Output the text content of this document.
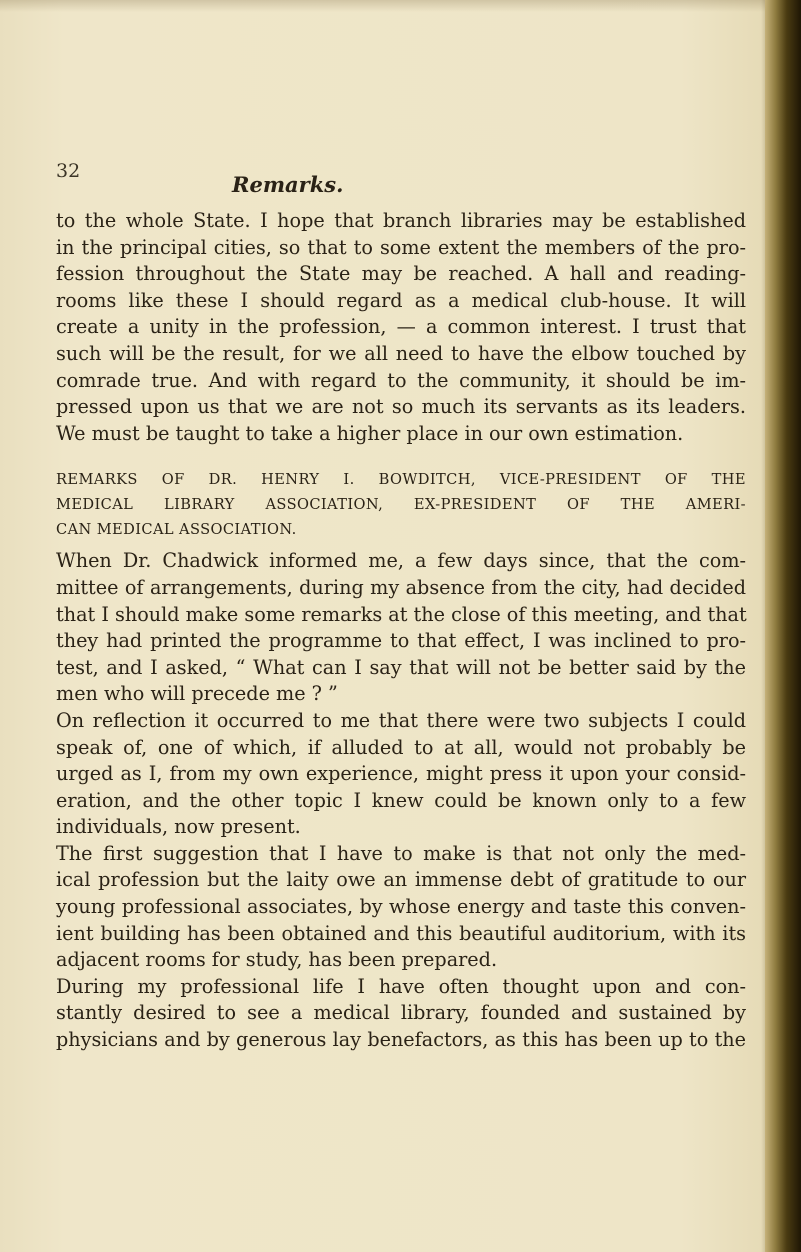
32
Remarks.
to the whole State. I hope that branch libraries may be established
in the principal cities, so that to some extent the members of the pro-
fession throughout the State may be reached. A hall and reading-
rooms like these I should regard as a medical club-house. It will
create a unity in the profession, — a common interest. I trust that
such will be the result, for we all need to have the elbow touched by
comrade true. And with regard to the community, it should be im-
pressed upon us that we are not so much its servants as its leaders.
We must be taught to take a higher place in our own estimation.
REMARKS OF DR. HENRY I. BOWDITCH, VICE-PRESIDENT OF THE
MEDICAL LIBRARY ASSOCIATION, EX-PRESIDENT OF THE AMERI-
CAN MEDICAL ASSOCIATION.
When Dr. Chadwick informed me, a few days since, that the com-
mittee of arrangements, during my absence from the city, had decided
that I should make some remarks at the close of this meeting, and that
they had printed the programme to that effect, I was inclined to pro-
test, and I asked, “ What can I say that will not be better said by the
men who will precede me ? ”
On reflection it occurred to me that there were two subjects I could
speak of, one of which, if alluded to at all, would not probably be
urged as I, from my own experience, might press it upon your consid-
eration, and the other topic I knew could be known only to a few
individuals, now present.
The first suggestion that I have to make is that not only the med-
ical profession but the laity owe an immense debt of gratitude to our
young professional associates, by whose energy and taste this conven-
ient building has been obtained and this beautiful auditorium, with its
adjacent rooms for study, has been prepared.
During my professional life I have often thought upon and con-
stantly desired to see a medical library, founded and sustained by
physicians and by generous lay benefactors, as this has been up to the
